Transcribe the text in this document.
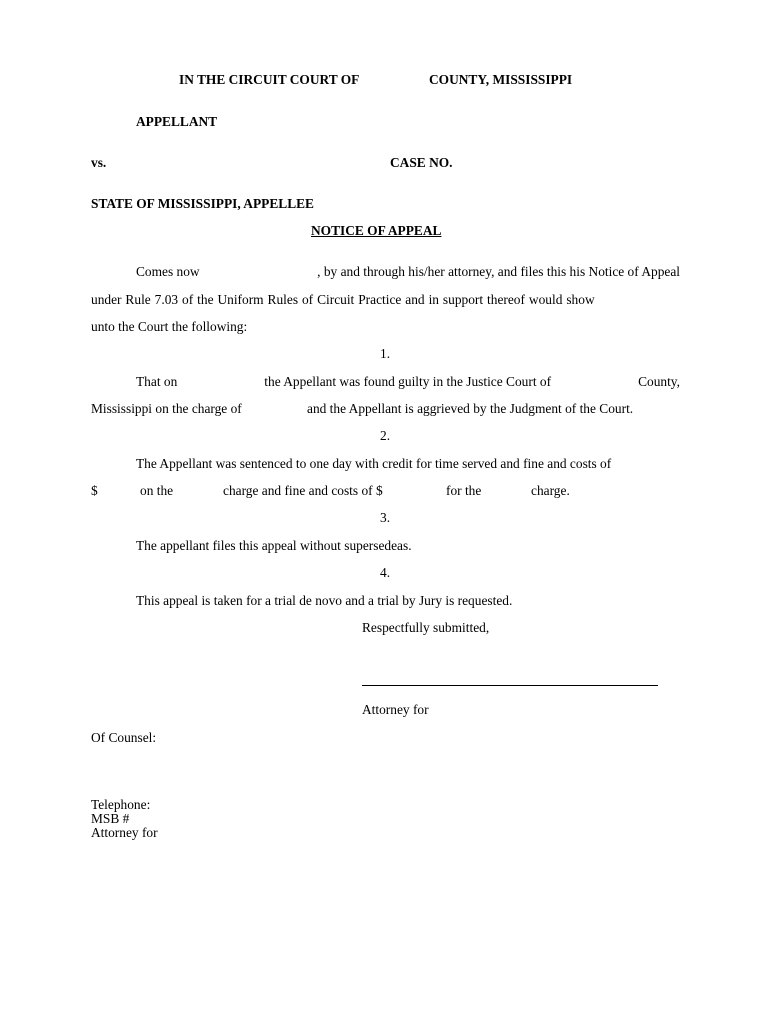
IN THE CIRCUIT COURT OF	COUNTY, MISSISSIPPI
APPELLANT
vs.	CASE NO.
STATE OF MISSISSIPPI, APPELLEE
NOTICE OF APPEAL
Comes now	, by and through his/her attorney, and files this his Notice of Appeal
under Rule 7.03 of the Uniform Rules of Circuit Practice and in support thereof would show
unto the Court the following:
1.
That on	the Appellant was found guilty in the Justice Court of	County,
Mississippi on the charge of	and the Appellant is aggrieved by the Judgment of the Court.
2.
The Appellant was sentenced to one day with credit for time served and fine and costs of
$	on the	charge and fine and costs of $	for the	charge.
3.
The appellant files this appeal without supersedeas.
4.
This appeal is taken for a trial de novo and a trial by Jury is requested.
Respectfully submitted,
Attorney for
Of Counsel:
Telephone:
MSB #
Attorney for
